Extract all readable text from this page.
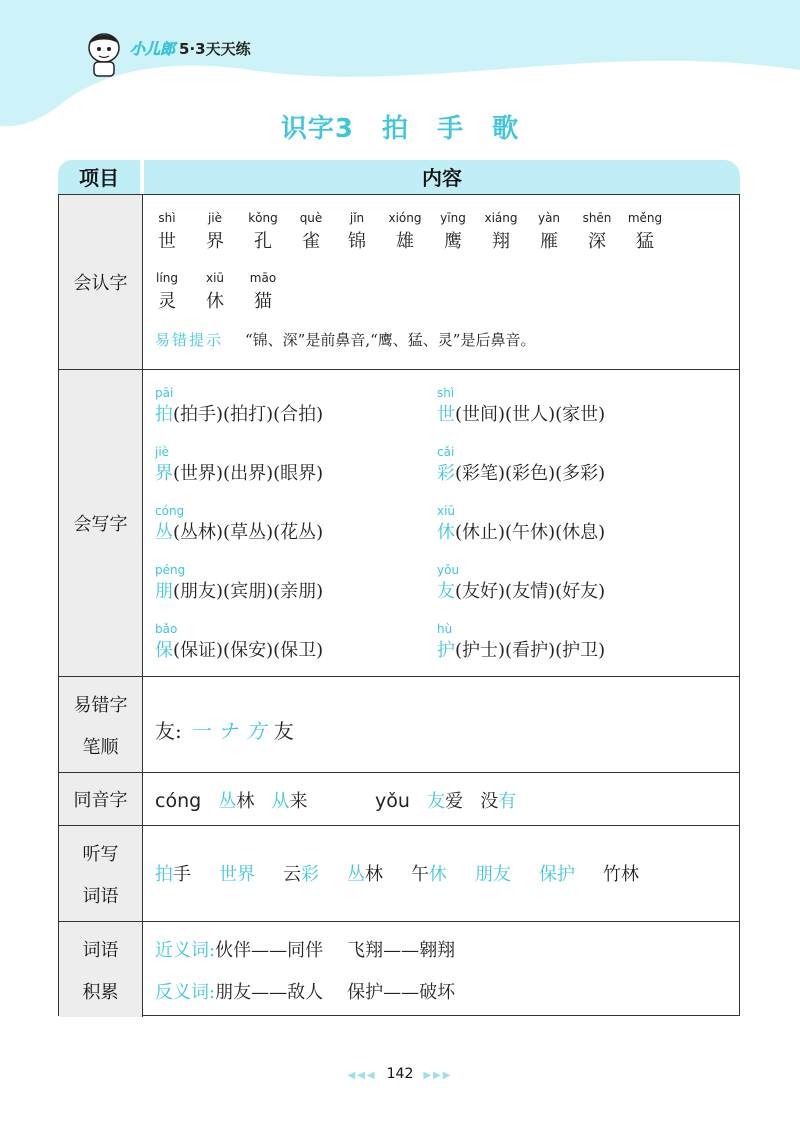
小儿郎 5·3天天练
识字3 拍 手 歌
项目	内容
会认字
易错提示 “锦、深”是前鼻音,“鹰、猛、灵”是后鼻音。
shì
世
jiè
界
kǒng
孔
què
雀
jǐn
锦
xióng
雄
yīng
鹰
xiáng
翔
yàn
雁
shēn
深
měng
猛
líng
灵
xiū
休
māo
猫
会写字
pāi
拍(拍手)(拍打)(合拍)
shì
世(世间)(世人)(家世)
jiè
界(世界)(出界)(眼界)
cǎi
彩(彩笔)(彩色)(多彩)
cóng
丛(丛林)(草丛)(花丛)
xiū
休(休止)(午休)(休息)
péng
朋(朋友)(宾朋)(亲朋)
yǒu
友(友好)(友情)(好友)
bǎo
保(保证)(保安)(保卫)
hù
护(护士)(看护)(护卫)
易错字
笔顺
友: 一 ナ 方 友
同音字 cóng 丛林 从来	yǒu 友爱 没有
听写
词语
拍手 世界 云彩 丛林 午休 朋友 保护 竹林
词语
积累
近义词:伙伴——同伴 飞翔——翱翔
反义词:朋友——敌人 保护——破坏
◀◀◀ 142 ▶▶▶
